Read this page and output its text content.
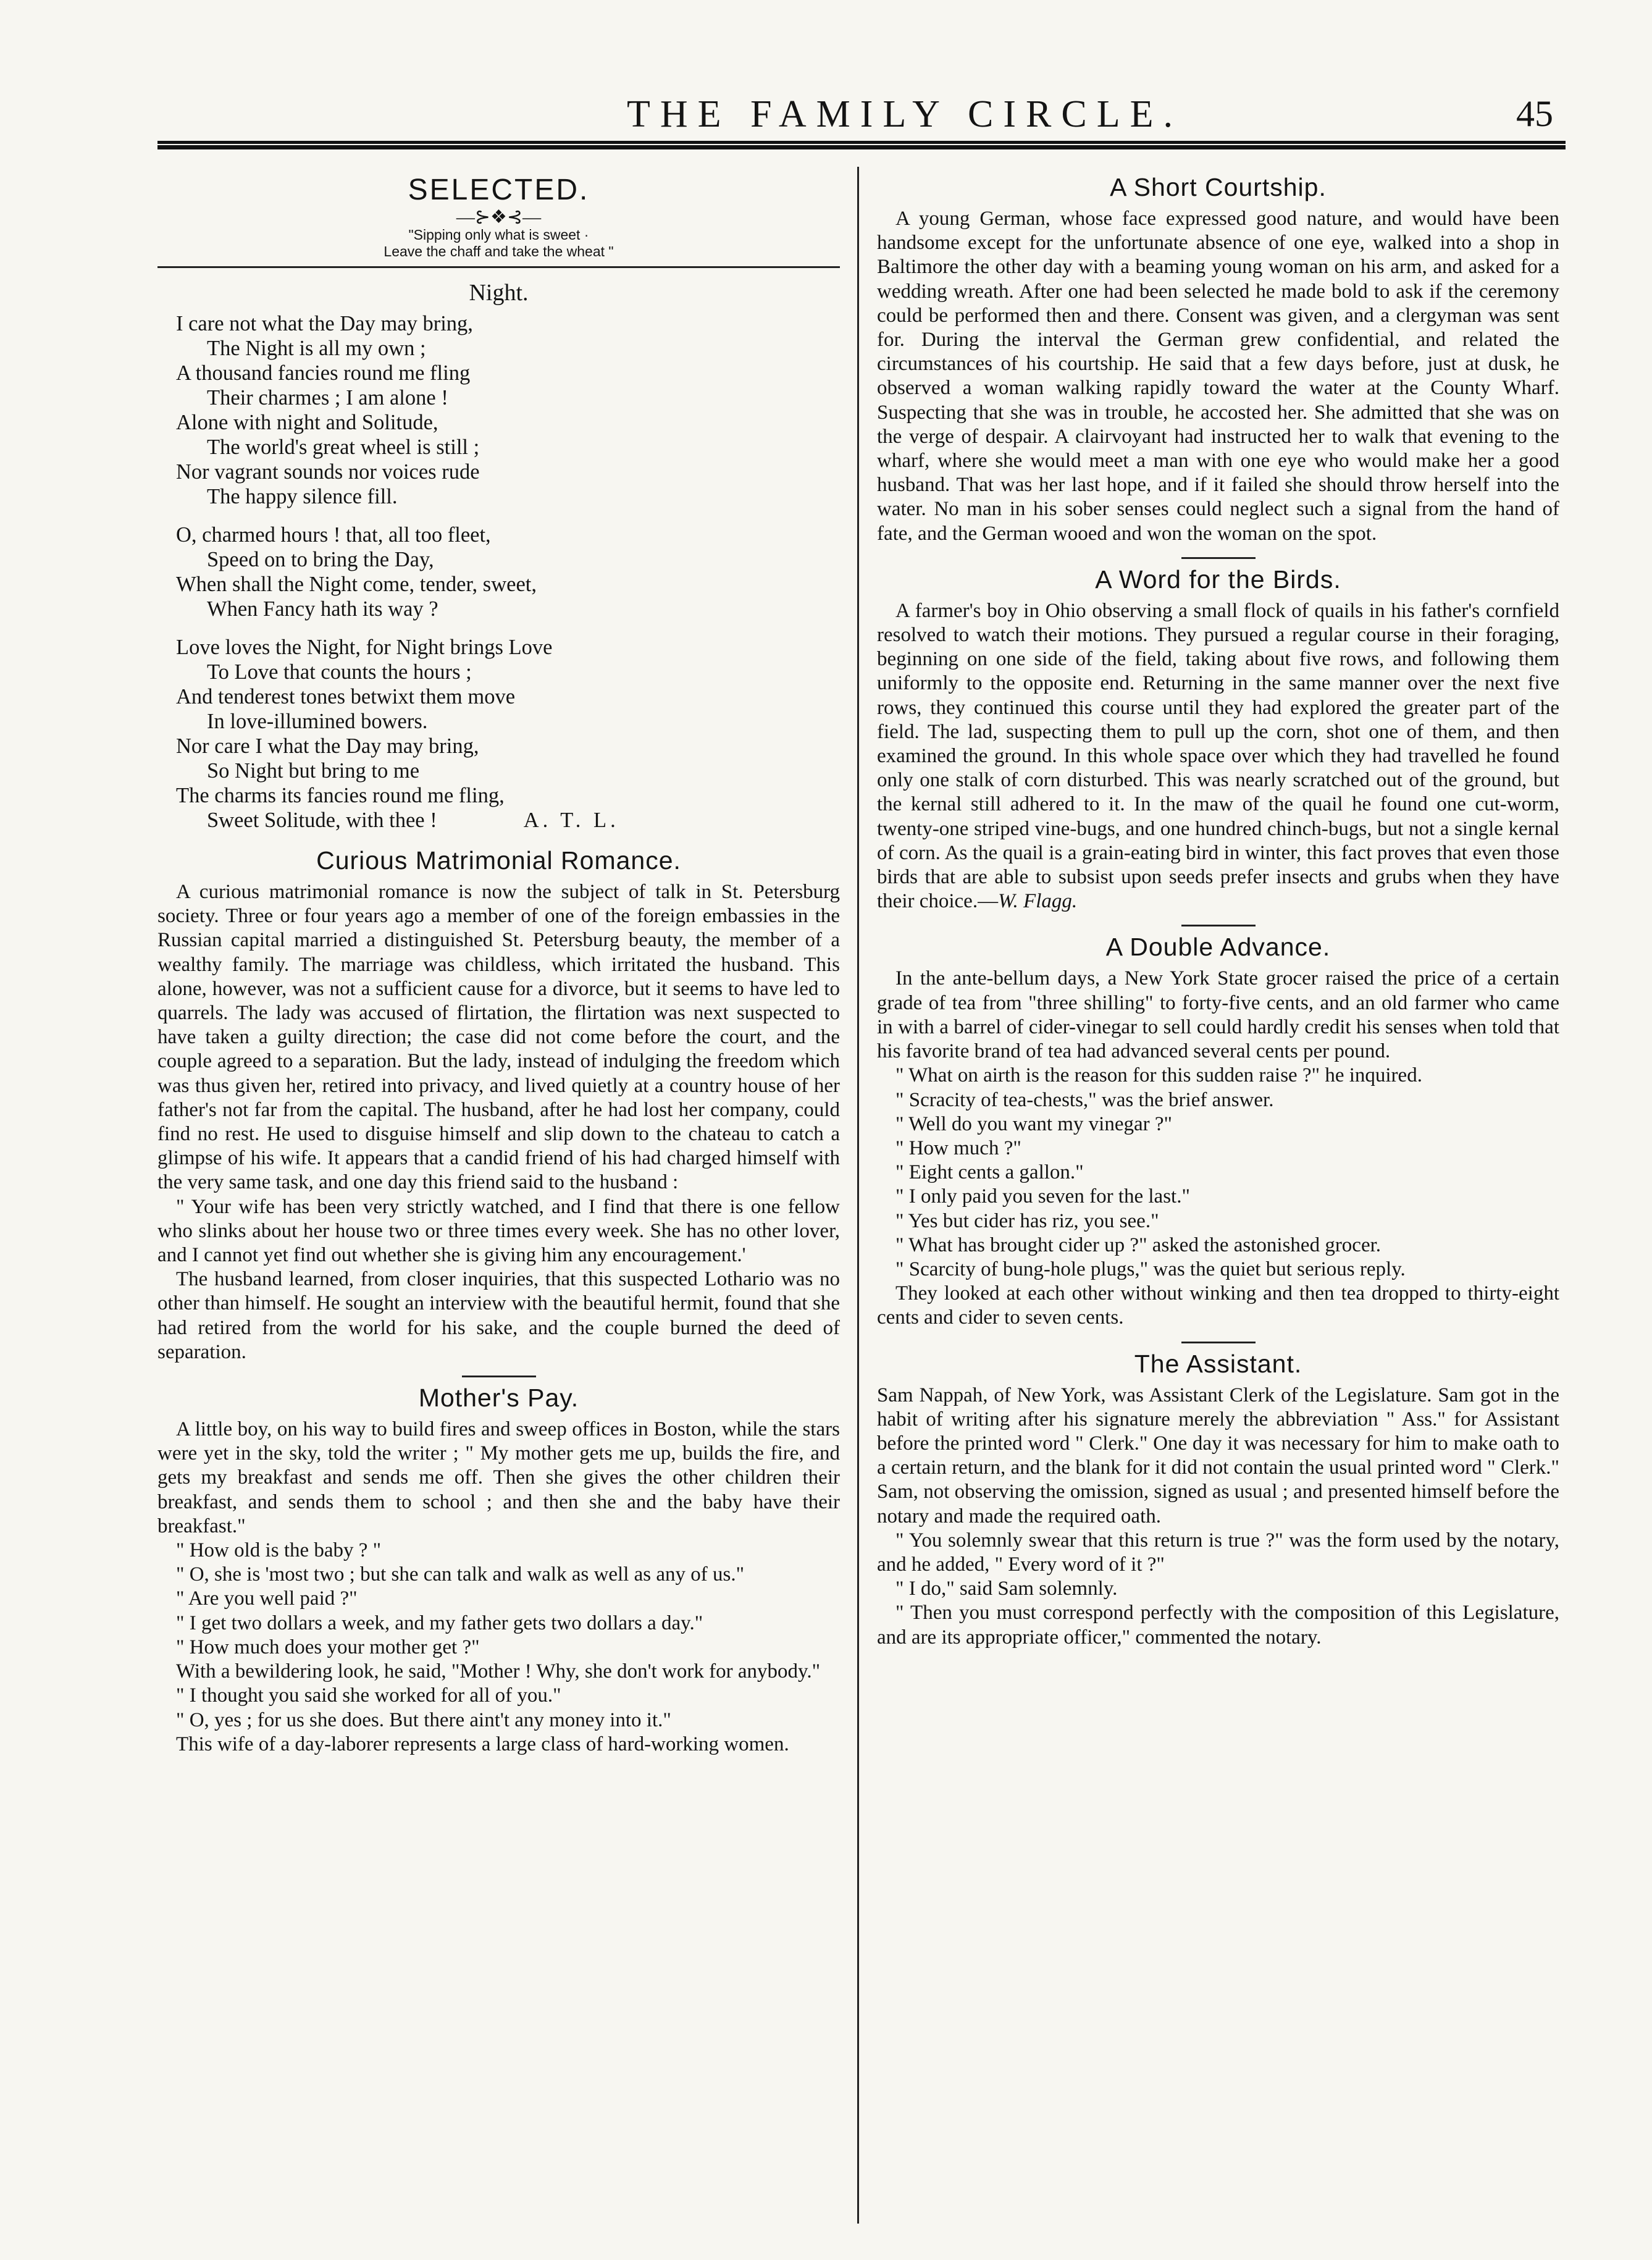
THE FAMILY CIRCLE.	45
SELECTED.
—⊱❖⊰—
"Sipping only what is sweet ·
Leave the chaff and take the wheat "
Night.
I care not what the Day may bring,
The Night is all my own ;
A thousand fancies round me fling
Their charmes ; I am alone !
Alone with night and Solitude,
The world's great wheel is still ;
Nor vagrant sounds nor voices rude
The happy silence fill.
O, charmed hours ! that, all too fleet,
Speed on to bring the Day,
When shall the Night come, tender, sweet,
When Fancy hath its way ?
Love loves the Night, for Night brings Love
To Love that counts the hours ;
And tenderest tones betwixt them move
In love-illumined bowers.
Nor care I what the Day may bring,
So Night but bring to me
The charms its fancies round me fling,
Sweet Solitude, with thee !	A. T. L.
Curious Matrimonial Romance.

A curious matrimonial romance is now the subject of talk in St. Petersburg society. Three or four years ago a member of one of the foreign embassies in the Russian capital married a distinguished St. Petersburg beauty, the member of a wealthy family. The marriage was childless, which irritated the husband. This alone, however, was not a sufficient cause for a divorce, but it seems to have led to quarrels. The lady was accused of flirtation, the flirtation was next suspected to have taken a guilty direction; the case did not come before the court, and the couple agreed to a separation. But the lady, instead of indulging the freedom which was thus given her, retired into privacy, and lived quietly at a country house of her father's not far from the capital. The husband, after he had lost her company, could find no rest. He used to disguise himself and slip down to the chateau to catch a glimpse of his wife. It appears that a candid friend of his had charged himself with the very same task, and one day this friend said to the husband :

" Your wife has been very strictly watched, and I find that there is one fellow who slinks about her house two or three times every week. She has no other lover, and I cannot yet find out whether she is giving him any encouragement.'

The husband learned, from closer inquiries, that this suspected Lothario was no other than himself. He sought an interview with the beautiful hermit, found that she had retired from the world for his sake, and the couple burned the deed of separation.

Mother's Pay.

A little boy, on his way to build fires and sweep offices in Boston, while the stars were yet in the sky, told the writer ; " My mother gets me up, builds the fire, and gets my breakfast and sends me off. Then she gives the other children their breakfast, and sends them to school ; and then she and the baby have their breakfast."

" How old is the baby ? "

" O, she is 'most two ; but she can talk and walk as well as any of us."

" Are you well paid ?"

" I get two dollars a week, and my father gets two dollars a day."

" How much does your mother get ?"

With a bewildering look, he said, "Mother ! Why, she don't work for anybody."

" I thought you said she worked for all of you."

" O, yes ; for us she does. But there aint't any money into it."

This wife of a day-laborer represents a large class of hard-working women.

A Short Courtship.

A young German, whose face expressed good nature, and would have been handsome except for the unfortunate absence of one eye, walked into a shop in Baltimore the other day with a beaming young woman on his arm, and asked for a wedding wreath. After one had been selected he made bold to ask if the ceremony could be performed then and there. Consent was given, and a clergyman was sent for. During the interval the German grew confidential, and related the circumstances of his courtship. He said that a few days before, just at dusk, he observed a woman walking rapidly toward the water at the County Wharf. Suspecting that she was in trouble, he accosted her. She admitted that she was on the verge of despair. A clairvoyant had instructed her to walk that evening to the wharf, where she would meet a man with one eye who would make her a good husband. That was her last hope, and if it failed she should throw herself into the water. No man in his sober senses could neglect such a signal from the hand of fate, and the German wooed and won the woman on the spot.

A Word for the Birds.

A farmer's boy in Ohio observing a small flock of quails in his father's cornfield resolved to watch their motions. They pursued a regular course in their foraging, beginning on one side of the field, taking about five rows, and following them uniformly to the opposite end. Returning in the same manner over the next five rows, they continued this course until they had explored the greater part of the field. The lad, suspecting them to pull up the corn, shot one of them, and then examined the ground. In this whole space over which they had travelled he found only one stalk of corn disturbed. This was nearly scratched out of the ground, but the kernal still adhered to it. In the maw of the quail he found one cut-worm, twenty-one striped vine-bugs, and one hundred chinch-bugs, but not a single kernal of corn. As the quail is a grain-eating bird in winter, this fact proves that even those birds that are able to subsist upon seeds prefer insects and grubs when they have their choice.—W. Flagg.

A Double Advance.

In the ante-bellum days, a New York State grocer raised the price of a certain grade of tea from "three shilling" to forty-five cents, and an old farmer who came in with a barrel of cider-vinegar to sell could hardly credit his senses when told that his favorite brand of tea had advanced several cents per pound.

" What on airth is the reason for this sudden raise ?" he inquired.

" Scracity of tea-chests," was the brief answer.

" Well do you want my vinegar ?"

" How much ?"

" Eight cents a gallon."

" I only paid you seven for the last."

" Yes but cider has riz, you see."

" What has brought cider up ?" asked the astonished grocer.

" Scarcity of bung-hole plugs," was the quiet but serious reply.

They looked at each other without winking and then tea dropped to thirty-eight cents and cider to seven cents.

The Assistant.

Sam Nappah, of New York, was Assistant Clerk of the Legislature. Sam got in the habit of writing after his signature merely the abbreviation " Ass." for Assistant before the printed word " Clerk." One day it was necessary for him to make oath to a certain return, and the blank for it did not contain the usual printed word " Clerk." Sam, not observing the omission, signed as usual ; and presented himself before the notary and made the required oath.

" You solemnly swear that this return is true ?" was the form used by the notary, and he added, " Every word of it ?"

" I do," said Sam solemnly.

" Then you must correspond perfectly with the composition of this Legislature, and are its appropriate officer," commented the notary.
